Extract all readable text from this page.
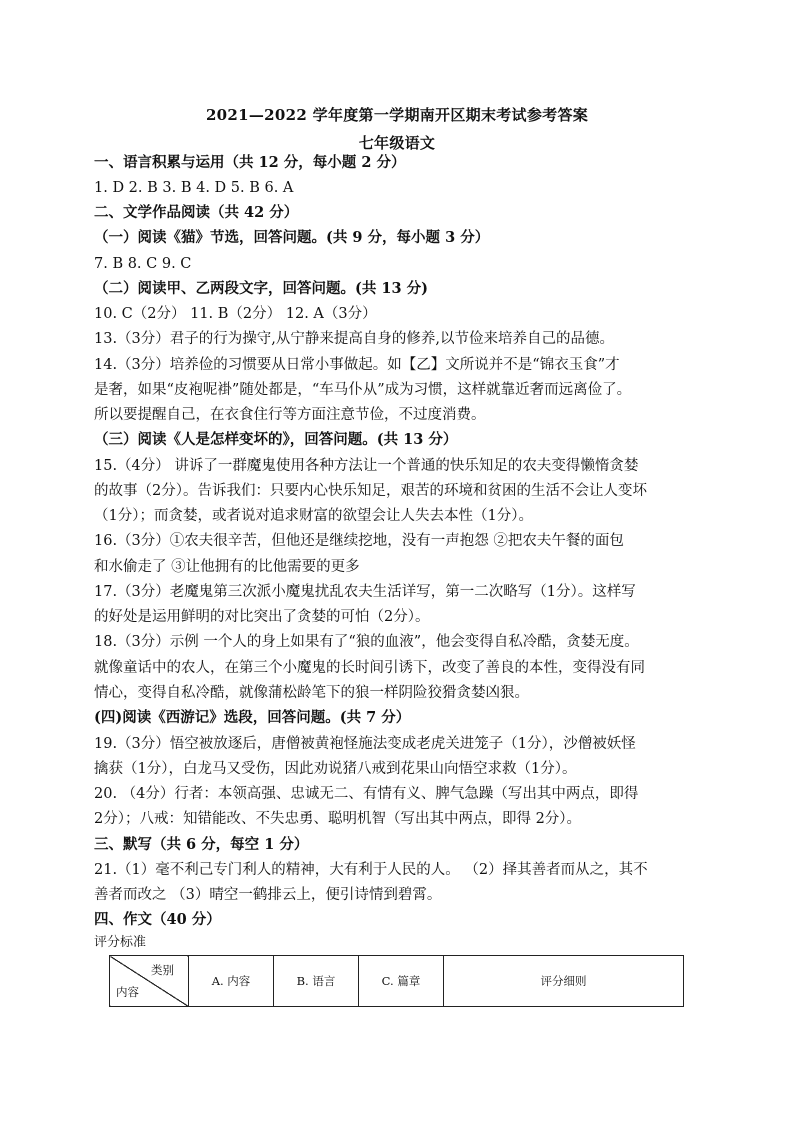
2021—2022 学年度第一学期南开区期末考试参考答案
七年级语文
一、语言积累与运用（共 12 分，每小题 2 分）
1. D 2. B 3. B 4. D 5. B 6. A
二、文学作品阅读（共 42 分）
（一）阅读《猫》节选，回答问题。(共 9 分，每小题 3 分）
7. B 8. C 9. C
（二）阅读甲、乙两段文字，回答问题。(共 13 分)
10. C（2分） 11. B（2分） 12. A（3分）
13.（3分）君子的行为操守,从宁静来提高自身的修养,以节俭来培养自己的品德。
14.（3分）培养俭的习惯要从日常小事做起。如【乙】文所说并不是“锦衣玉食”才
是奢，如果“皮袍呢褂”随处都是，“车马仆从”成为习惯，这样就靠近奢而远离俭了。
所以要提醒自己，在衣食住行等方面注意节俭，不过度消费。
（三）阅读《人是怎样变坏的》，回答问题。(共 13 分）
15.（4分） 讲诉了一群魔鬼使用各种方法让一个普通的快乐知足的农夫变得懒惰贪婪
的故事（2分）。告诉我们：只要内心快乐知足，艰苦的环境和贫困的生活不会让人变坏
（1分）；而贪婪，或者说对追求财富的欲望会让人失去本性（1分）。
16.（3分）①农夫很辛苦，但他还是继续挖地，没有一声抱怨 ②把农夫午餐的面包
和水偷走了 ③让他拥有的比他需要的更多
17.（3分）老魔鬼第三次派小魔鬼扰乱农夫生活详写，第一二次略写（1分）。这样写
的好处是运用鲜明的对比突出了贪婪的可怕（2分）。
18.（3分）示例 一个人的身上如果有了“狼的血液”，他会变得自私冷酷，贪婪无度。
就像童话中的农人，在第三个小魔鬼的长时间引诱下，改变了善良的本性，变得没有同
情心，变得自私冷酷，就像蒲松龄笔下的狼一样阴险狡猾贪婪凶狠。
(四)阅读《西游记》选段，回答问题。(共 7 分）
19.（3分）悟空被放逐后，唐僧被黄袍怪施法变成老虎关进笼子（1分），沙僧被妖怪
擒获（1分），白龙马又受伤，因此劝说猪八戒到花果山向悟空求救（1分）。
20. （4分）行者：本领高强、忠诚无二、有情有义、脾气急躁（写出其中两点，即得
2分）；八戒：知错能改、不失忠勇、聪明机智（写出其中两点，即得 2分）。
三、默写（共 6 分，每空 1 分）
21.（1）毫不利己专门利人的精神，大有利于人民的人。 （2）择其善者而从之，其不
善者而改之 （3）晴空一鹤排云上，便引诗情到碧霄。
四、作文（40 分）
评分标准
类别
内容
	A. 内容	B. 语言	C. 篇章	评分细则
